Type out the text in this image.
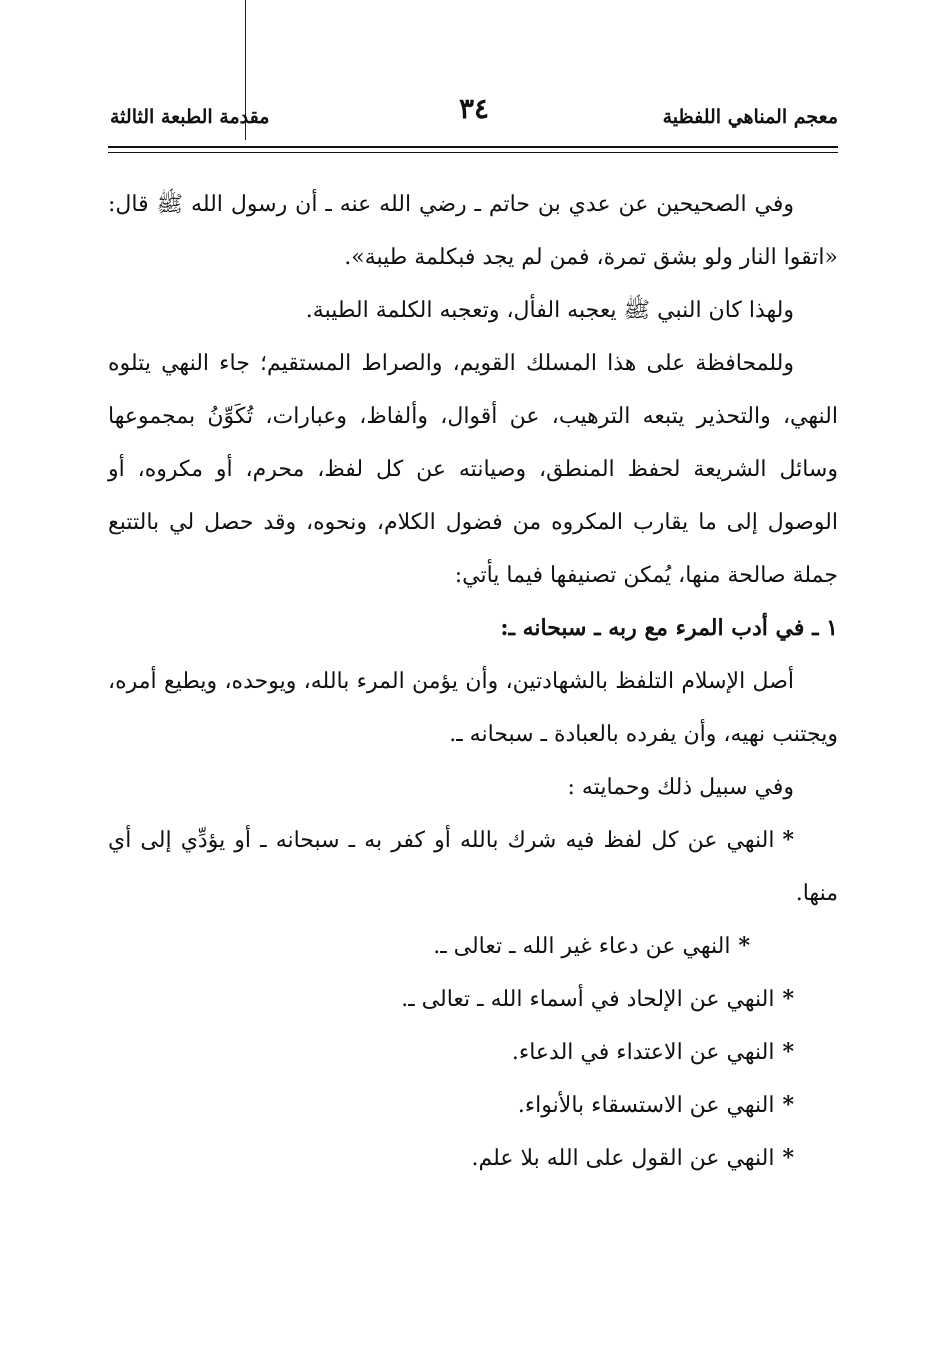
معجم المناهي اللفظية
٣٤
مقدمة الطبعة الثالثة

وفي الصحيحين عن عدي بن حاتم ـ رضي الله عنه ـ أن رسول الله ﷺ قال: «اتقوا النار ولو بشق تمرة، فمن لم يجد فبكلمة طيبة».

ولهذا كان النبي ﷺ يعجبه الفأل، وتعجبه الكلمة الطيبة.

وللمحافظة على هذا المسلك القويم، والصراط المستقيم؛ جاء النهي يتلوه النهي، والتحذير يتبعه الترهيب، عن أقوال، وألفاظ، وعبارات، تُكَوِّنُ بمجموعها وسائل الشريعة لحفظ المنطق، وصيانته عن كل لفظ، محرم، أو مكروه، أو الوصول إلى ما يقارب المكروه من فضول الكلام، ونحوه، وقد حصل لي بالتتبع جملة صالحة منها، يُمكن تصنيفها فيما يأتي:

١ ـ في أدب المرء مع ربه ـ سبحانه ـ:

أصل الإسلام التلفظ بالشهادتين، وأن يؤمن المرء بالله، ويوحده، ويطيع أمره، ويجتنب نهيه، وأن يفرده بالعبادة ـ سبحانه ـ.

وفي سبيل ذلك وحمايته :

*النهي عن كل لفظ فيه شرك بالله أو كفر به ـ سبحانه ـ أو يؤدِّي إلى أي منها.

*النهي عن دعاء غير الله ـ تعالى ـ.

*النهي عن الإلحاد في أسماء الله ـ تعالى ـ.

*النهي عن الاعتداء في الدعاء.

*النهي عن الاستسقاء بالأنواء.

*النهي عن القول على الله بلا علم.
